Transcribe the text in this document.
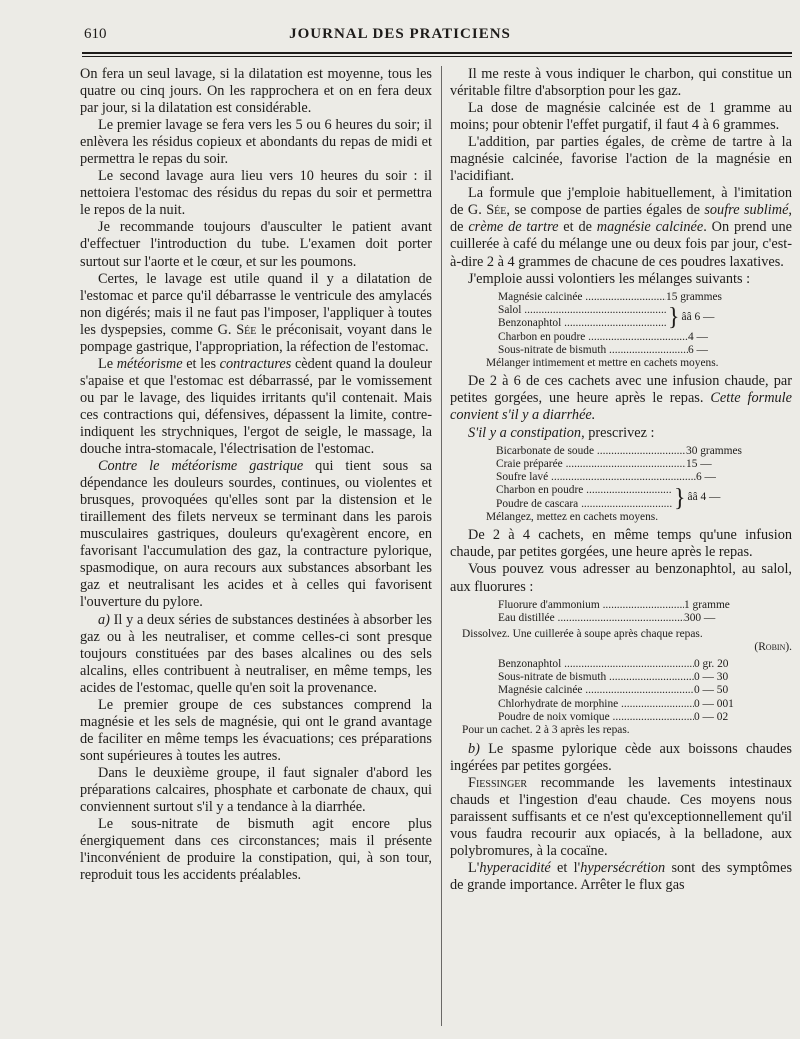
610	JOURNAL DES PRATICIENS

On fera un seul lavage, si la dilatation est moyenne, tous les quatre ou cinq jours. On les rapprochera et on en fera deux par jour, si la dilatation est considérable.

Le premier lavage se fera vers les 5 ou 6 heures du soir; il enlèvera les résidus copieux et abondants du repas de midi et permettra le repas du soir.

Le second lavage aura lieu vers 10 heures du soir : il nettoiera l'estomac des résidus du repas du soir et permettra le repos de la nuit.

Je recommande toujours d'ausculter le patient avant d'effectuer l'introduction du tube. L'examen doit porter surtout sur l'aorte et le cœur, et sur les poumons.

Certes, le lavage est utile quand il y a dilatation de l'estomac et parce qu'il débarrasse le ventricule des amylacés non digérés; mais il ne faut pas l'imposer, l'appliquer à toutes les dyspepsies, comme G. Sée le préconisait, voyant dans le pompage gastrique, l'appropriation, la réfection de l'estomac.

Le météorisme et les contractures cèdent quand la douleur s'apaise et que l'estomac est débarrassé, par le vomissement ou par le lavage, des liquides irritants qu'il contenait. Mais ces contractions qui, défensives, dépassent la limite, contre-indiquent les strychniques, l'ergot de seigle, le massage, la douche intra-stomacale, l'électrisation de l'estomac.

Contre le météorisme gastrique qui tient sous sa dépendance les douleurs sourdes, continues, ou violentes et brusques, provoquées qu'elles sont par la distension et le tiraillement des filets nerveux se terminant dans les parois musculaires gastriques, douleurs qu'exagèrent encore, en favorisant l'accumulation des gaz, la contracture pylorique, spasmodique, on aura recours aux substances absorbant les gaz et neutralisant les acides et à celles qui favorisent l'ouverture du pylore.

a) Il y a deux séries de substances destinées à absorber les gaz ou à les neutraliser, et comme celles-ci sont presque toujours constituées par des bases alcalines ou des sels alcalins, elles contribuent à neutraliser, en même temps, les acides de l'estomac, quelle qu'en soit la provenance.

Le premier groupe de ces substances comprend la magnésie et les sels de magnésie, qui ont le grand avantage de faciliter en même temps les évacuations; ces préparations sont supérieures à toutes les autres.

Dans le deuxième groupe, il faut signaler d'abord les préparations calcaires, phosphate et carbonate de chaux, qui conviennent surtout s'il y a tendance à la diarrhée.

Le sous-nitrate de bismuth agit encore plus énergiquement dans ces circonstances; mais il présente l'inconvénient de produire la constipation, qui, à son tour, reproduit tous les accidents préalables.

Il me reste à vous indiquer le charbon, qui constitue un véritable filtre d'absorption pour les gaz.

La dose de magnésie calcinée est de 1 gramme au moins; pour obtenir l'effet purgatif, il faut 4 à 6 grammes.

L'addition, par parties égales, de crème de tartre à la magnésie calcinée, favorise l'action de la magnésie en l'acidifiant.

La formule que j'emploie habituellement, à l'imitation de G. Sée, se compose de parties égales de soufre sublimé, de crème de tartre et de magnésie calcinée. On prend une cuillerée à café du mélange une ou deux fois par jour, c'est-à-dire 2 à 4 grammes de chacune de ces poudres laxatives.

J'emploie aussi volontiers les mélanges suivants :

Magnésie calcinée .....	15 grammes
Salol .....
Benzonaphtol .....	} ââ 6 —
Charbon en poudre .....	4 —
Sous-nitrate de bismuth .....	6 —
Mélanger intimement et mettre en cachets moyens.

De 2 à 6 de ces cachets avec une infusion chaude, par petites gorgées, une heure après le repas. Cette formule convient s'il y a diarrhée.

S'il y a constipation, prescrivez :

Bicarbonate de soude .....	30 grammes
Craie préparée .....	15 —
Soufre lavé .....	6 —
Charbon en poudre .....
Poudre de cascara .....	} ââ 4 —
Mélangez, mettez en cachets moyens.

De 2 à 4 cachets, en même temps qu'une infusion chaude, par petites gorgées, une heure après le repas.

Vous pouvez vous adresser au benzonaphtol, au salol, aux fluorures :

Fluorure d'ammonium .....	1 gramme
Eau distillée .....	300 —
Dissolvez. Une cuillerée à soupe après chaque repas.
(Robin).
Benzonaphtol .....	0 gr. 20
Sous-nitrate de bismuth .....	0 — 30
Magnésie calcinée .....	0 — 50
Chlorhydrate de morphine .....	0 — 001
Poudre de noix vomique .....	0 — 02
Pour un cachet. 2 à 3 après les repas.

b) Le spasme pylorique cède aux boissons chaudes ingérées par petites gorgées.

Fiessinger recommande les lavements intestinaux chauds et l'ingestion d'eau chaude. Ces moyens nous paraissent suffisants et ce n'est qu'exceptionnellement qu'il vous faudra recourir aux opiacés, à la belladone, aux polybromures, à la cocaïne.

L'hyperacidité et l'hypersécrétion sont des symptômes de grande importance. Arrêter le flux gas
